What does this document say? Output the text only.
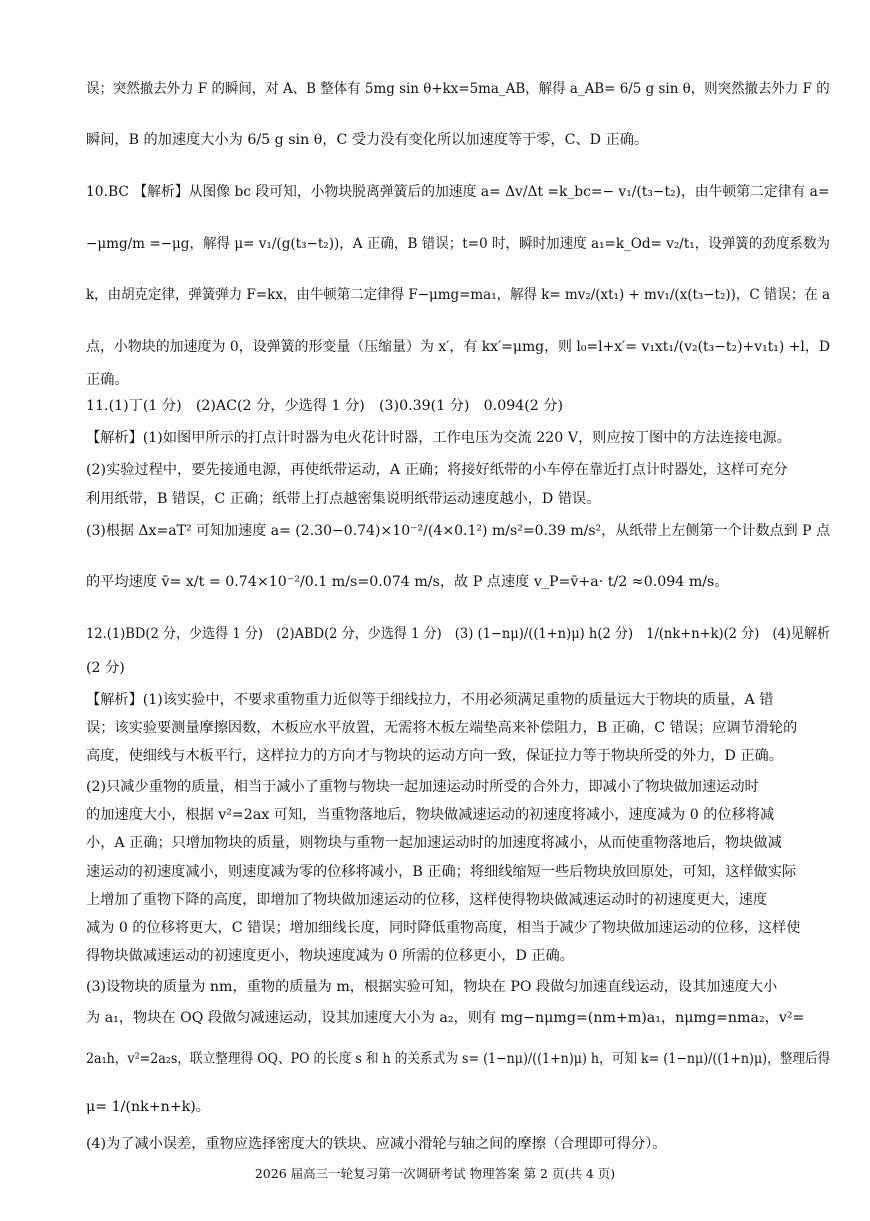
误；突然撤去外力 F 的瞬间，对 A、B 整体有 5mg sin θ+kx=5ma_AB，解得 a_AB= 6/5 g sin θ，则突然撤去外力 F 的
瞬间，B 的加速度大小为 6/5 g sin θ，C 受力没有变化所以加速度等于零，C、D 正确。
10.BC 【解析】从图像 bc 段可知，小物块脱离弹簧后的加速度 a= Δv/Δt =k_bc=− v₁/(t₃−t₂)，由牛顿第二定律有 a=
−μmg/m =−μg，解得 μ= v₁/(g(t₃−t₂))，A 正确，B 错误；t=0 时，瞬时加速度 a₁=k_Od= v₂/t₁，设弹簧的劲度系数为
k，由胡克定律，弹簧弹力 F=kx，由牛顿第二定律得 F−μmg=ma₁，解得 k= mv₂/(xt₁) + mv₁/(x(t₃−t₂))，C 错误；在 a
点，小物块的加速度为 0，设弹簧的形变量（压缩量）为 x′，有 kx′=μmg，则 l₀=l+x′= v₁xt₁/(v₂(t₃−t₂)+v₁t₁) +l，D
正确。
11.(1)丁(1 分)　(2)AC(2 分，少选得 1 分)　(3)0.39(1 分)　0.094(2 分)
【解析】(1)如图甲所示的打点计时器为电火花计时器，工作电压为交流 220 V，则应按丁图中的方法连接电源。
(2)实验过程中，要先接通电源，再使纸带运动，A 正确；将接好纸带的小车停在靠近打点计时器处，这样可充分
利用纸带，B 错误，C 正确；纸带上打点越密集说明纸带运动速度越小，D 错误。
(3)根据 Δx=aT² 可知加速度 a= (2.30−0.74)×10⁻²/(4×0.1²) m/s²=0.39 m/s²，从纸带上左侧第一个计数点到 P 点
的平均速度 v̄= x/t = 0.74×10⁻²/0.1 m/s=0.074 m/s，故 P 点速度 v_P=v̄+a· t/2 ≈0.094 m/s。
12.(1)BD(2 分，少选得 1 分)　(2)ABD(2 分，少选得 1 分)　(3) (1−nμ)/((1+n)μ) h(2 分)　1/(nk+n+k)(2 分)　(4)见解析
(2 分)
【解析】(1)该实验中，不要求重物重力近似等于细线拉力，不用必须满足重物的质量远大于物块的质量，A 错
误；该实验要测量摩擦因数，木板应水平放置，无需将木板左端垫高来补偿阻力，B 正确，C 错误；应调节滑轮的
高度，使细线与木板平行，这样拉力的方向才与物块的运动方向一致，保证拉力等于物块所受的外力，D 正确。
(2)只减少重物的质量，相当于减小了重物与物块一起加速运动时所受的合外力，即减小了物块做加速运动时
的加速度大小，根据 v²=2ax 可知，当重物落地后，物块做减速运动的初速度将减小，速度减为 0 的位移将减
小，A 正确；只增加物块的质量，则物块与重物一起加速运动时的加速度将减小，从而使重物落地后，物块做减
速运动的初速度减小，则速度减为零的位移将减小，B 正确；将细线缩短一些后物块放回原处，可知，这样做实际
上增加了重物下降的高度，即增加了物块做加速运动的位移，这样使得物块做减速运动时的初速度更大，速度
减为 0 的位移将更大，C 错误；增加细线长度，同时降低重物高度，相当于减少了物块做加速运动的位移，这样使
得物块做减速运动的初速度更小，物块速度减为 0 所需的位移更小，D 正确。
(3)设物块的质量为 nm，重物的质量为 m，根据实验可知，物块在 PO 段做匀加速直线运动，设其加速度大小
为 a₁，物块在 OQ 段做匀减速运动，设其加速度大小为 a₂，则有 mg−nμmg=(nm+m)a₁，nμmg=nma₂，v²=
2a₁h，v²=2a₂s，联立整理得 OQ、PO 的长度 s 和 h 的关系式为 s= (1−nμ)/((1+n)μ) h，可知 k= (1−nμ)/((1+n)μ)，整理后得
μ= 1/(nk+n+k)。
(4)为了减小误差，重物应选择密度大的铁块、应减小滑轮与轴之间的摩擦（合理即可得分）。
2026 届高三一轮复习第一次调研考试 物理答案 第 2 页(共 4 页)
